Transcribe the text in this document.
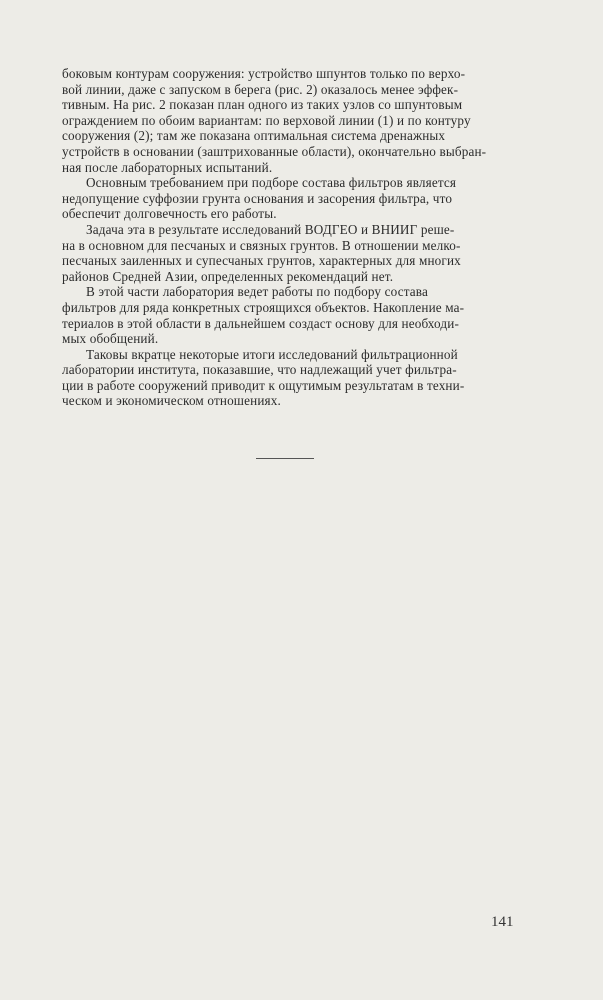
боковым контурам сооружения: устройство шпунтов только по верхо-
вой линии, даже с запуском в берега (рис. 2) оказалось менее эффек-
тивным. На рис. 2 показан план одного из таких узлов со шпунтовым
ограждением по обоим вариантам: по верховой линии (1) и по контуру
сооружения (2); там же показана оптимальная система дренажных
устройств в основании (заштрихованные области), окончательно выбран-
ная после лабораторных испытаний.
Основным требованием при подборе состава фильтров является
недопущение суффозии грунта основания и засорения фильтра, что
обеспечит долговечность его работы.
Задача эта в результате исследований ВОДГЕО и ВНИИГ реше-
на в основном для песчаных и связных грунтов. В отношении мелко-
песчаных заиленных и супесчаных грунтов, характерных для многих
районов Средней Азии, определенных рекомендаций нет.
В этой части лаборатория ведет работы по подбору состава
фильтров для ряда конкретных строящихся объектов. Накопление ма-
териалов в этой области в дальнейшем создаст основу для необходи-
мых обобщений.
Таковы вкратце некоторые итоги исследований фильтрационной
лаборатории института, показавшие, что надлежащий учет фильтра-
ции в работе сооружений приводит к ощутимым результатам в техни-
ческом и экономическом отношениях.
141
